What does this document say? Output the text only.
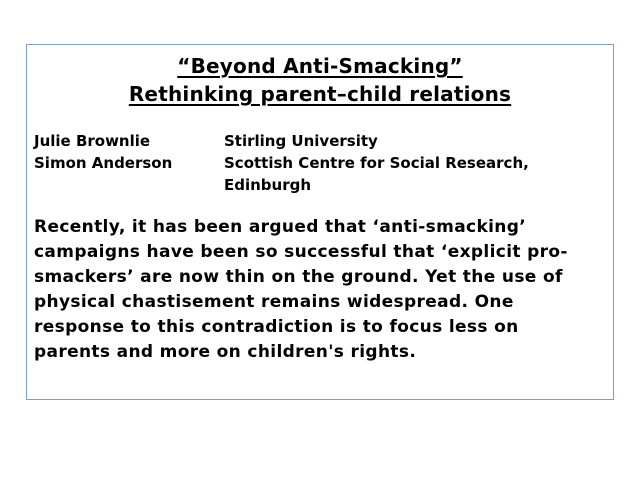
“Beyond Anti-Smacking”
Rethinking parent–child relations
Julie Brownlie	Stirling University
Simon Anderson	Scottish Centre for Social Research,
Edinburgh
Recently, it has been argued that ‘anti-smacking’
campaigns have been so successful that ‘explicit pro-
smackers’ are now thin on the ground. Yet the use of
physical chastisement remains widespread. One
response to this contradiction is to focus less on
parents and more on children's rights.
